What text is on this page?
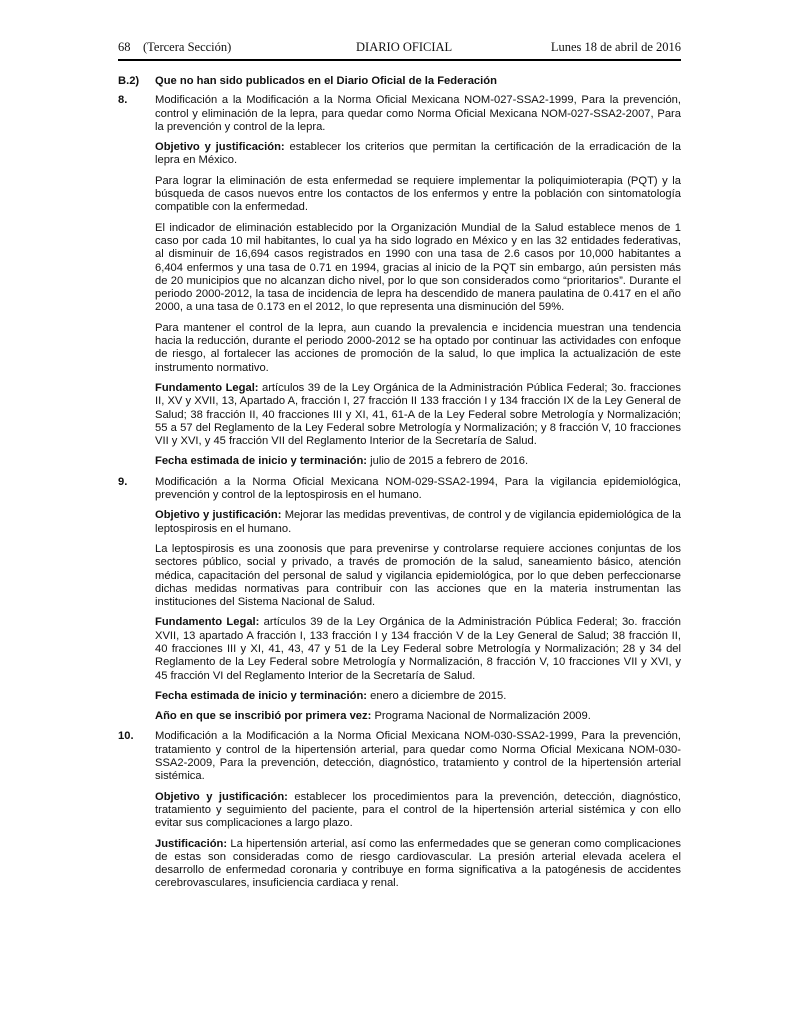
68    (Tercera Sección)	DIARIO OFICIAL	Lunes 18 de abril de 2016
B.2)	Que no han sido publicados en el Diario Oficial de la Federación
8.	Modificación a la Modificación a la Norma Oficial Mexicana NOM-027-SSA2-1999, Para la prevención, control y eliminación de la lepra, para quedar como Norma Oficial Mexicana NOM-027-SSA2-2007, Para la prevención y control de la lepra.

Objetivo y justificación: establecer los criterios que permitan la certificación de la erradicación de la lepra en México.

Para lograr la eliminación de esta enfermedad se requiere implementar la poliquimioterapia (PQT) y la búsqueda de casos nuevos entre los contactos de los enfermos y entre la población con sintomatología compatible con la enfermedad.

El indicador de eliminación establecido por la Organización Mundial de la Salud establece menos de 1 caso por cada 10 mil habitantes, lo cual ya ha sido logrado en México y en las 32 entidades federativas, al disminuir de 16,694 casos registrados en 1990 con una tasa de 2.6 casos por 10,000 habitantes a 6,404 enfermos y una tasa de 0.71 en 1994, gracias al inicio de la PQT sin embargo, aún persisten más de 20 municipios que no alcanzan dicho nivel, por lo que son considerados como “prioritarios”. Durante el periodo 2000-2012, la tasa de incidencia de lepra ha descendido de manera paulatina de 0.417 en el año 2000, a una tasa de 0.173 en el 2012, lo que representa una disminución del 59%.

Para mantener el control de la lepra, aun cuando la prevalencia e incidencia muestran una tendencia hacia la reducción, durante el periodo 2000-2012 se ha optado por continuar las actividades con enfoque de riesgo, al fortalecer las acciones de promoción de la salud, lo que implica la actualización de este instrumento normativo.

Fundamento Legal: artículos 39 de la Ley Orgánica de la Administración Pública Federal; 3o. fracciones II, XV y XVII, 13, Apartado A, fracción I, 27 fracción II 133 fracción I y 134 fracción IX de la Ley General de Salud; 38 fracción II, 40 fracciones III y XI, 41, 61-A de la Ley Federal sobre Metrología y Normalización; 55 a 57 del Reglamento de la Ley Federal sobre Metrología y Normalización; y 8 fracción V, 10 fracciones VII y XVI, y 45 fracción VII del Reglamento Interior de la Secretaría de Salud.

Fecha estimada de inicio y terminación: julio de 2015 a febrero de 2016.

9.	Modificación a la Norma Oficial Mexicana NOM-029-SSA2-1994, Para la vigilancia epidemiológica, prevención y control de la leptospirosis en el humano.

Objetivo y justificación: Mejorar las medidas preventivas, de control y de vigilancia epidemiológica de la leptospirosis en el humano.

La leptospirosis es una zoonosis que para prevenirse y controlarse requiere acciones conjuntas de los sectores público, social y privado, a través de promoción de la salud, saneamiento básico, atención médica, capacitación del personal de salud y vigilancia epidemiológica, por lo que deben perfeccionarse dichas medidas normativas para contribuir con las acciones que en la materia instrumentan las instituciones del Sistema Nacional de Salud.

Fundamento Legal: artículos 39 de la Ley Orgánica de la Administración Pública Federal; 3o. fracción XVII, 13 apartado A fracción I, 133 fracción I y 134 fracción V de la Ley General de Salud; 38 fracción II, 40 fracciones III y XI, 41, 43, 47 y 51 de la Ley Federal sobre Metrología y Normalización; 28 y 34 del Reglamento de la Ley Federal sobre Metrología y Normalización, 8 fracción V, 10 fracciones VII y XVI, y 45 fracción VI del Reglamento Interior de la Secretaría de Salud.

Fecha estimada de inicio y terminación: enero a diciembre de 2015.

Año en que se inscribió por primera vez: Programa Nacional de Normalización 2009.

10.	Modificación a la Modificación a la Norma Oficial Mexicana NOM-030-SSA2-1999, Para la prevención, tratamiento y control de la hipertensión arterial, para quedar como Norma Oficial Mexicana NOM-030-SSA2-2009, Para la prevención, detección, diagnóstico, tratamiento y control de la hipertensión arterial sistémica.

Objetivo y justificación: establecer los procedimientos para la prevención, detección, diagnóstico, tratamiento y seguimiento del paciente, para el control de la hipertensión arterial sistémica y con ello evitar sus complicaciones a largo plazo.

Justificación: La hipertensión arterial, así como las enfermedades que se generan como complicaciones de estas son consideradas como de riesgo cardiovascular. La presión arterial elevada acelera el desarrollo de enfermedad coronaria y contribuye en forma significativa a la patogénesis de accidentes cerebrovasculares, insuficiencia cardiaca y renal.
